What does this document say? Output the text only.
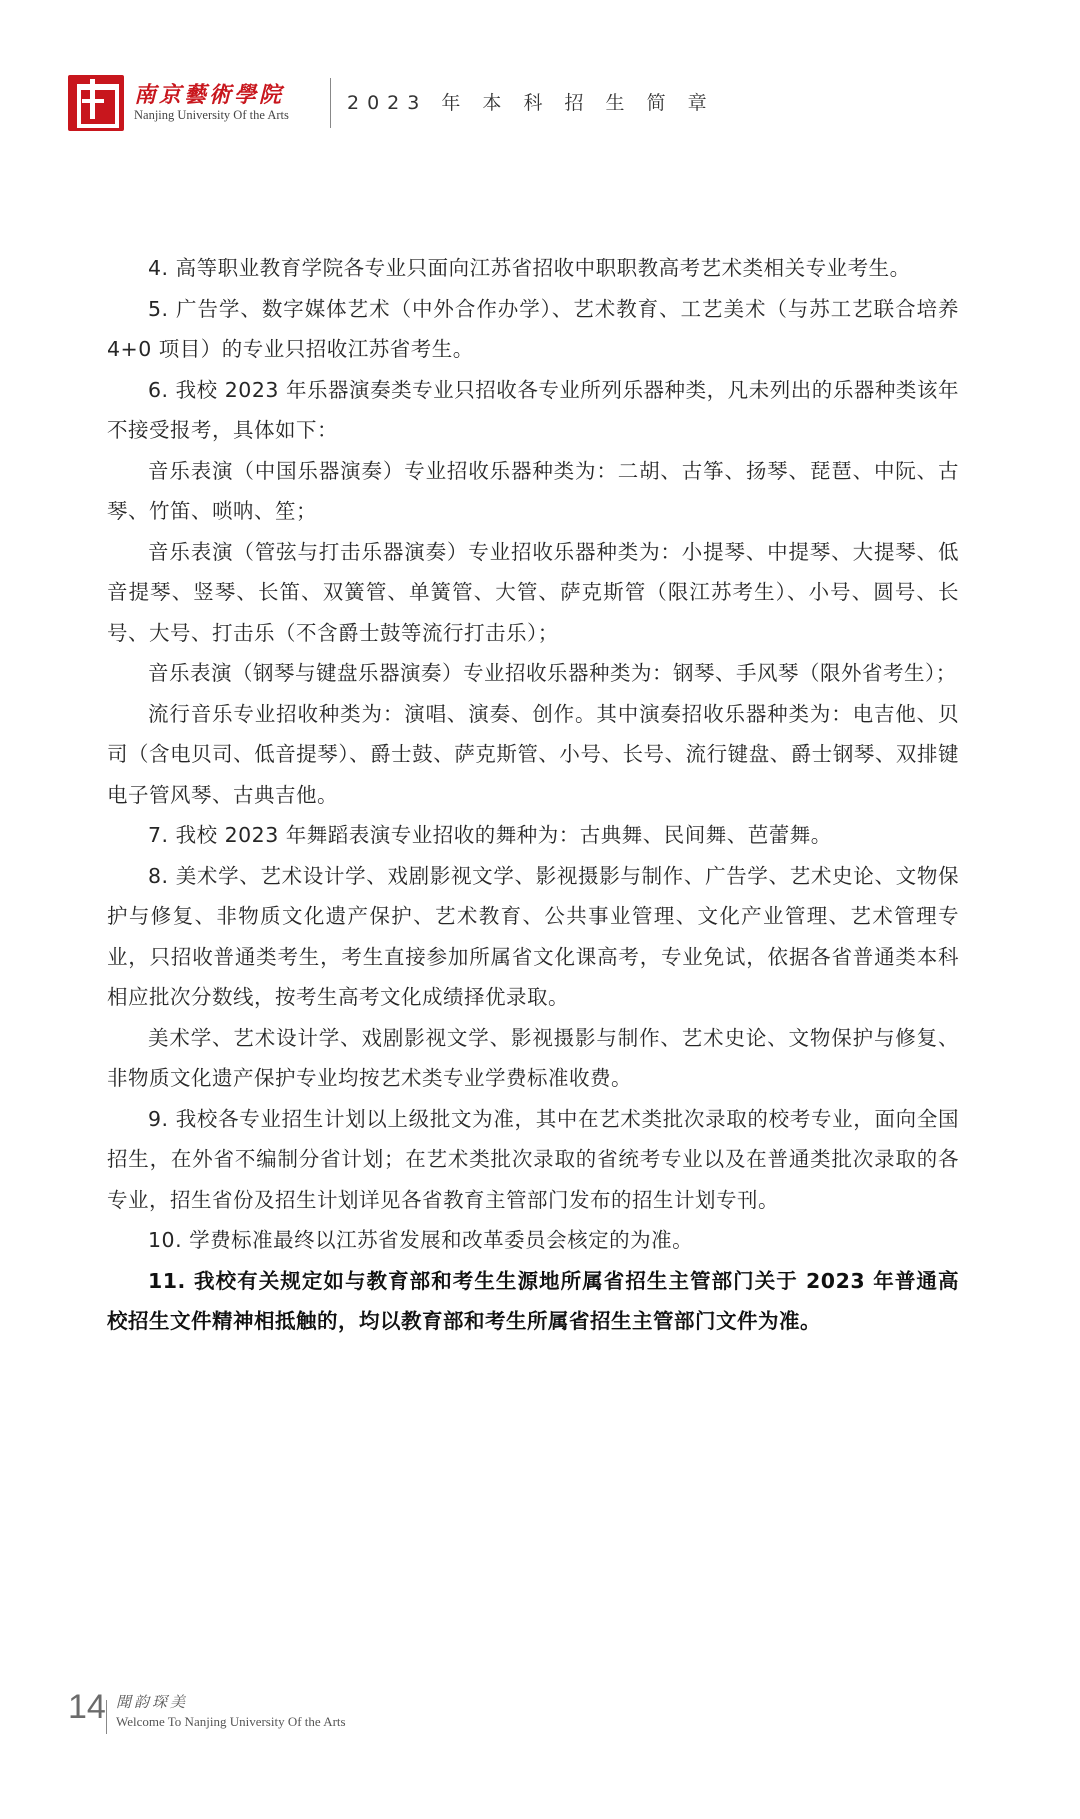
南京藝術學院
Nanjing University Of the Arts
2023 年 本 科 招 生 简 章

4. 高等职业教育学院各专业只面向江苏省招收中职职教高考艺术类相关专业考生。

5. 广告学、数字媒体艺术（中外合作办学）、艺术教育、工艺美术（与苏工艺联合培养 4+0 项目）的专业只招收江苏省考生。

6. 我校 2023 年乐器演奏类专业只招收各专业所列乐器种类，凡未列出的乐器种类该年不接受报考，具体如下：

音乐表演（中国乐器演奏）专业招收乐器种类为：二胡、古筝、扬琴、琵琶、中阮、古琴、竹笛、唢呐、笙；

音乐表演（管弦与打击乐器演奏）专业招收乐器种类为：小提琴、中提琴、大提琴、低音提琴、竖琴、长笛、双簧管、单簧管、大管、萨克斯管（限江苏考生）、小号、圆号、长号、大号、打击乐（不含爵士鼓等流行打击乐）；

音乐表演（钢琴与键盘乐器演奏）专业招收乐器种类为：钢琴、手风琴（限外省考生）；

流行音乐专业招收种类为：演唱、演奏、创作。其中演奏招收乐器种类为：电吉他、贝司（含电贝司、低音提琴）、爵士鼓、萨克斯管、小号、长号、流行键盘、爵士钢琴、双排键电子管风琴、古典吉他。

7. 我校 2023 年舞蹈表演专业招收的舞种为：古典舞、民间舞、芭蕾舞。

8. 美术学、艺术设计学、戏剧影视文学、影视摄影与制作、广告学、艺术史论、文物保护与修复、非物质文化遗产保护、艺术教育、公共事业管理、文化产业管理、艺术管理专业，只招收普通类考生，考生直接参加所属省文化课高考，专业免试，依据各省普通类本科相应批次分数线，按考生高考文化成绩择优录取。

美术学、艺术设计学、戏剧影视文学、影视摄影与制作、艺术史论、文物保护与修复、非物质文化遗产保护专业均按艺术类专业学费标准收费。

9. 我校各专业招生计划以上级批文为准，其中在艺术类批次录取的校考专业，面向全国招生，在外省不编制分省计划；在艺术类批次录取的省统考专业以及在普通类批次录取的各专业，招生省份及招生计划详见各省教育主管部门发布的招生计划专刊。

10. 学费标准最终以江苏省发展和改革委员会核定的为准。

11. 我校有关规定如与教育部和考生生源地所属省招生主管部门关于 2023 年普通高校招生文件精神相抵触的，均以教育部和考生所属省招生主管部门文件为准。

14 聞韵琛美
Welcome To Nanjing University Of the Arts
